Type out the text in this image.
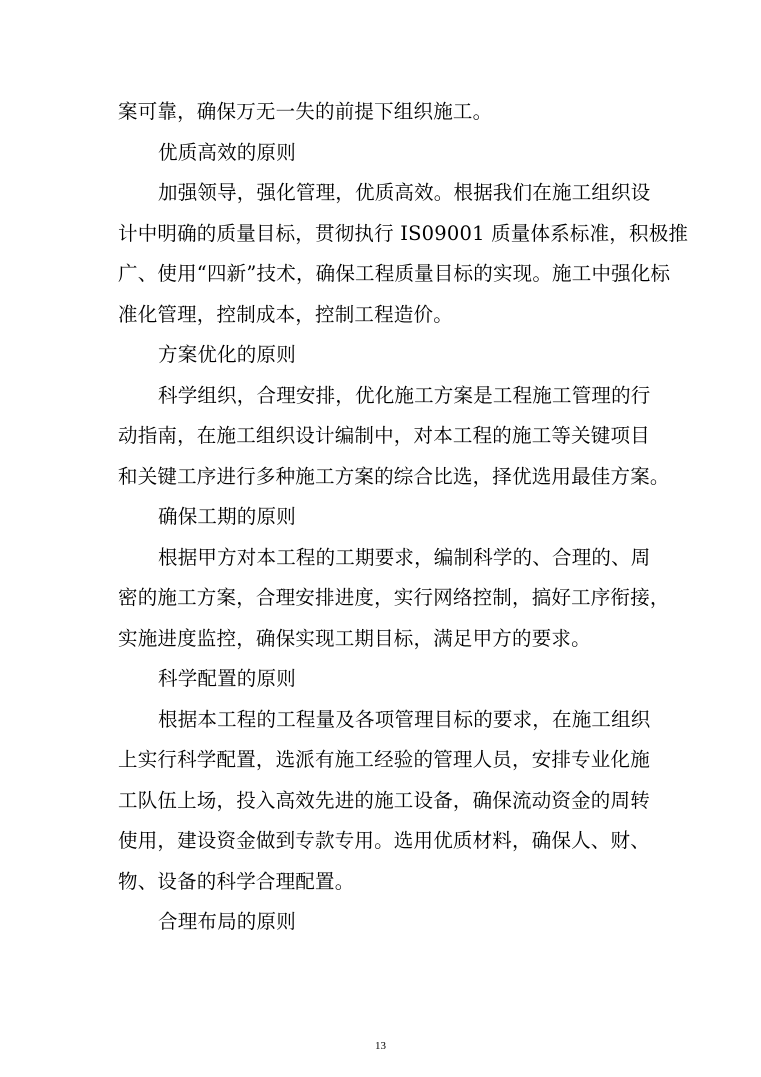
案可靠，确保万无一失的前提下组织施工。
优质高效的原则
加强领导，强化管理，优质高效。根据我们在施工组织设
计中明确的质量目标，贯彻执行 IS09001 质量体系标准，积极推
广、使用“四新”技术，确保工程质量目标的实现。施工中强化标
准化管理，控制成本，控制工程造价。
方案优化的原则
科学组织，合理安排，优化施工方案是工程施工管理的行
动指南，在施工组织设计编制中，对本工程的施工等关键项目
和关键工序进行多种施工方案的综合比选，择优选用最佳方案。
确保工期的原则
根据甲方对本工程的工期要求，编制科学的、合理的、周
密的施工方案，合理安排进度，实行网络控制，搞好工序衔接，
实施进度监控，确保实现工期目标，满足甲方的要求。
科学配置的原则
根据本工程的工程量及各项管理目标的要求，在施工组织
上实行科学配置，选派有施工经验的管理人员，安排专业化施
工队伍上场，投入高效先进的施工设备，确保流动资金的周转
使用，建设资金做到专款专用。选用优质材料，确保人、财、
物、设备的科学合理配置。
合理布局的原则
13
